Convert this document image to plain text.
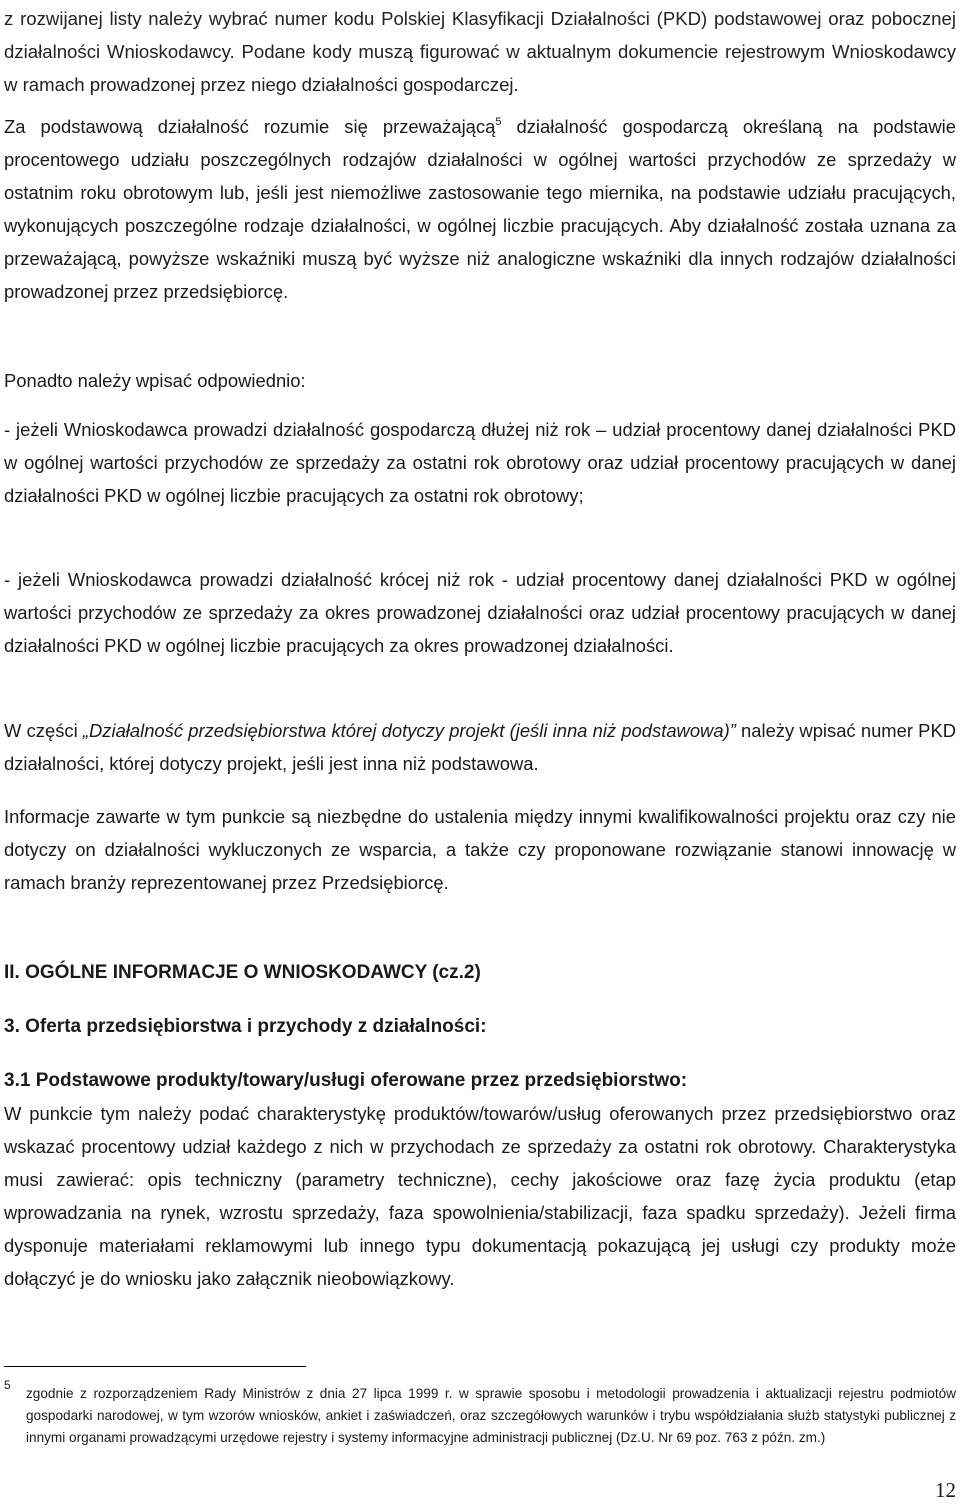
z rozwijanej listy należy wybrać numer kodu Polskiej Klasyfikacji Działalności (PKD) podstawowej oraz pobocznej działalności Wnioskodawcy. Podane kody muszą figurować w aktualnym dokumencie rejestrowym Wnioskodawcy w ramach prowadzonej przez niego działalności gospodarczej.

Za podstawową działalność rozumie się przeważającą$^5$ działalność gospodarczą określaną na podstawie procentowego udziału poszczególnych rodzajów działalności w ogólnej wartości przychodów ze sprzedaży w ostatnim roku obrotowym lub, jeśli jest niemożliwe zastosowanie tego miernika, na podstawie udziału pracujących, wykonujących poszczególne rodzaje działalności, w ogólnej liczbie pracujących. Aby działalność została uznana za przeważającą, powyższe wskaźniki muszą być wyższe niż analogiczne wskaźniki dla innych rodzajów działalności prowadzonej przez przedsiębiorcę.

Ponadto należy wpisać odpowiednio:

- jeżeli Wnioskodawca prowadzi działalność gospodarczą dłużej niż rok – udział procentowy danej działalności PKD w ogólnej wartości przychodów ze sprzedaży za ostatni rok obrotowy oraz udział procentowy pracujących w danej działalności PKD w ogólnej liczbie pracujących za ostatni rok obrotowy;

- jeżeli Wnioskodawca prowadzi działalność krócej niż rok - udział procentowy danej działalności PKD w ogólnej wartości przychodów ze sprzedaży za okres prowadzonej działalności oraz udział procentowy pracujących w danej działalności PKD w ogólnej liczbie pracujących za okres prowadzonej działalności.

W części „Działalność przedsiębiorstwa której dotyczy projekt (jeśli inna niż podstawowa)” należy wpisać numer PKD działalności, której dotyczy projekt, jeśli jest inna niż podstawowa.

Informacje zawarte w tym punkcie są niezbędne do ustalenia między innymi kwalifikowalności projektu oraz czy nie dotyczy on działalności wykluczonych ze wsparcia, a także czy proponowane rozwiązanie stanowi innowację w ramach branży reprezentowanej przez Przedsiębiorcę.

II. OGÓLNE INFORMACJE O WNIOSKODAWCY (cz.2)
3. Oferta przedsiębiorstwa i przychody z działalności:
3.1 Podstawowe produkty/towary/usługi oferowane przez przedsiębiorstwo:

W punkcie tym należy podać charakterystykę produktów/towarów/usług oferowanych przez przedsiębiorstwo oraz wskazać procentowy udział każdego z nich w przychodach ze sprzedaży za ostatni rok obrotowy. Charakterystyka musi zawierać: opis techniczny (parametry techniczne), cechy jakościowe oraz fazę życia produktu (etap wprowadzania na rynek, wzrostu sprzedaży, faza spowolnienia/stabilizacji, faza spadku sprzedaży). Jeżeli firma dysponuje materiałami reklamowymi lub innego typu dokumentacją pokazującą jej usługi czy produkty może dołączyć je do wniosku jako załącznik nieobowiązkowy.

5
zgodnie z rozporządzeniem Rady Ministrów z dnia 27 lipca 1999 r. w sprawie sposobu i metodologii prowadzenia i aktualizacji rejestru podmiotów gospodarki narodowej, w tym wzorów wniosków, ankiet i zaświadczeń, oraz szczegółowych warunków i trybu współdziałania służb statystyki publicznej z innymi organami prowadzącymi urzędowe rejestry i systemy informacyjne administracji publicznej (Dz.U. Nr 69 poz. 763 z późn. zm.)
12
